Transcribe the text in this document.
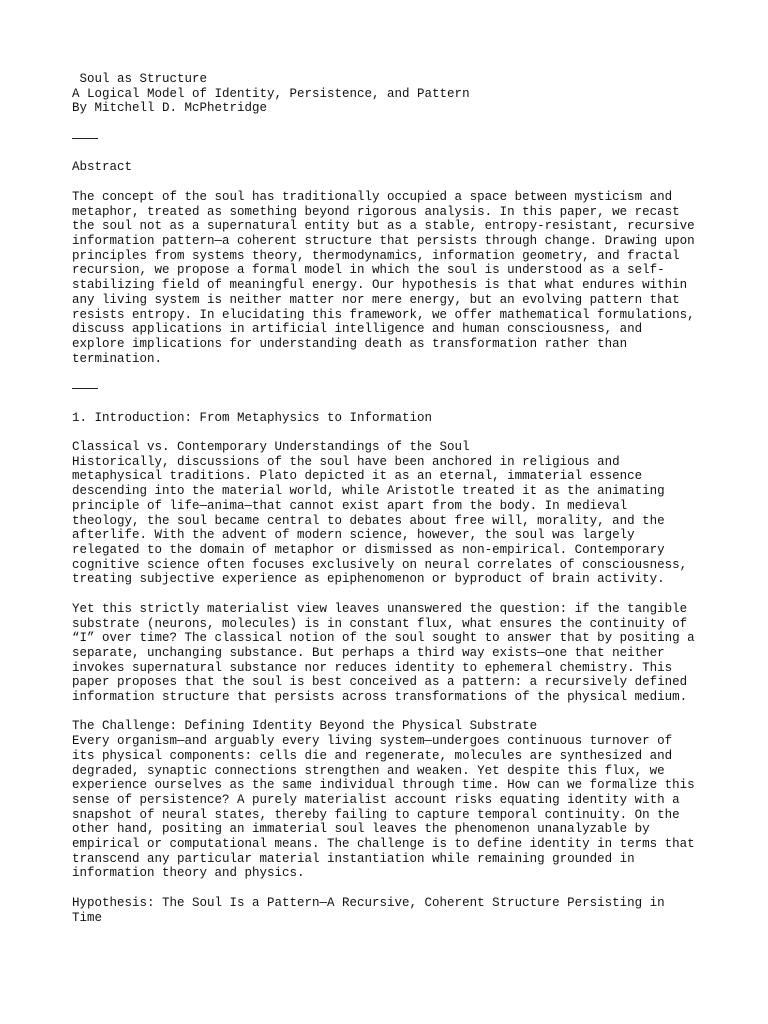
Soul as Structure
A Logical Model of Identity, Persistence, and Pattern
By Mitchell D. McPhetridge
Abstract
The concept of the soul has traditionally occupied a space between mysticism and
metaphor, treated as something beyond rigorous analysis. In this paper, we recast
the soul not as a supernatural entity but as a stable, entropy-resistant, recursive
information pattern—a coherent structure that persists through change. Drawing upon
principles from systems theory, thermodynamics, information geometry, and fractal
recursion, we propose a formal model in which the soul is understood as a self-
stabilizing field of meaningful energy. Our hypothesis is that what endures within
any living system is neither matter nor mere energy, but an evolving pattern that
resists entropy. In elucidating this framework, we offer mathematical formulations,
discuss applications in artificial intelligence and human consciousness, and
explore implications for understanding death as transformation rather than
termination.
1. Introduction: From Metaphysics to Information
Classical vs. Contemporary Understandings of the Soul
Historically, discussions of the soul have been anchored in religious and
metaphysical traditions. Plato depicted it as an eternal, immaterial essence
descending into the material world, while Aristotle treated it as the animating
principle of life—anima—that cannot exist apart from the body. In medieval
theology, the soul became central to debates about free will, morality, and the
afterlife. With the advent of modern science, however, the soul was largely
relegated to the domain of metaphor or dismissed as non-empirical. Contemporary
cognitive science often focuses exclusively on neural correlates of consciousness,
treating subjective experience as epiphenomenon or byproduct of brain activity.
Yet this strictly materialist view leaves unanswered the question: if the tangible
substrate (neurons, molecules) is in constant flux, what ensures the continuity of
“I” over time? The classical notion of the soul sought to answer that by positing a
separate, unchanging substance. But perhaps a third way exists—one that neither
invokes supernatural substance nor reduces identity to ephemeral chemistry. This
paper proposes that the soul is best conceived as a pattern: a recursively defined
information structure that persists across transformations of the physical medium.
The Challenge: Defining Identity Beyond the Physical Substrate
Every organism—and arguably every living system—undergoes continuous turnover of
its physical components: cells die and regenerate, molecules are synthesized and
degraded, synaptic connections strengthen and weaken. Yet despite this flux, we
experience ourselves as the same individual through time. How can we formalize this
sense of persistence? A purely materialist account risks equating identity with a
snapshot of neural states, thereby failing to capture temporal continuity. On the
other hand, positing an immaterial soul leaves the phenomenon unanalyzable by
empirical or computational means. The challenge is to define identity in terms that
transcend any particular material instantiation while remaining grounded in
information theory and physics.
Hypothesis: The Soul Is a Pattern—A Recursive, Coherent Structure Persisting in
Time
